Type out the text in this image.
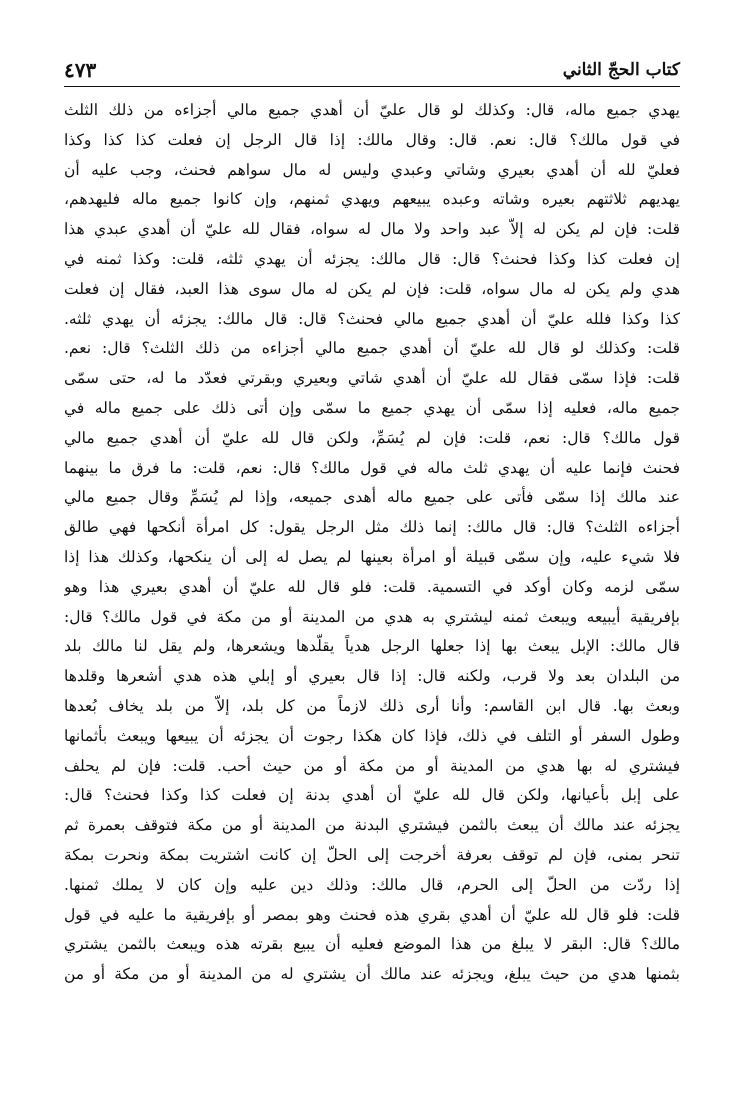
كتاب الحجّ الثاني
٤٧٣
يهدي جميع ماله، قال: وكذلك لو قال عليّ أن أهدي جميع مالي أجزاءه من ذلك الثلث
في قول مالك؟ قال: نعم. قال: وقال مالك: إذا قال الرجل إن فعلت كذا كذا وكذا
فعليّ لله أن أهدي بعيري وشاتي وعبدي وليس له مال سواهم فحنث، وجب عليه أن
يهديهم ثلاثتهم بعيره وشاته وعبده يبيعهم ويهدي ثمنهم، وإن كانوا جميع ماله فليهدهم،
قلت: فإن لم يكن له إلاّ عبد واحد ولا مال له سواه، فقال لله عليّ أن أهدي عبدي هذا
إن فعلت كذا وكذا فحنث؟ قال: قال مالك: يجزئه أن يهدي ثلثه، قلت: وكذا ثمنه في
هدي ولم يكن له مال سواه، قلت: فإن لم يكن له مال سوى هذا العبد، فقال إن فعلت
كذا وكذا فلله عليّ أن أهدي جميع مالي فحنث؟ قال: قال مالك: يجزئه أن يهدي ثلثه.
قلت: وكذلك لو قال لله عليّ أن أهدي جميع مالي أجزاءه من ذلك الثلث؟ قال: نعم.
قلت: فإذا سمّى فقال لله عليّ أن أهدي شاتي وبعيري وبقرتي فعدّد ما له، حتى سمّى
جميع ماله، فعليه إذا سمّى أن يهدي جميع ما سمّى وإن أتى ذلك على جميع ماله في
قول مالك؟ قال: نعم، قلت: فإن لم يُسَمِّ، ولكن قال لله عليّ أن أهدي جميع مالي
فحنث فإنما عليه أن يهدي ثلث ماله في قول مالك؟ قال: نعم، قلت: ما فرق ما بينهما
عند مالك إذا سمّى فأتى على جميع ماله أهدى جميعه، وإذا لم يُسَمِّ وقال جميع مالي
أجزاءه الثلث؟ قال: قال مالك: إنما ذلك مثل الرجل يقول: كل امرأة أنكحها فهي طالق
فلا شيء عليه، وإن سمّى قبيلة أو امرأة بعينها لم يصل له إلى أن ينكحها، وكذلك هذا إذا
سمّى لزمه وكان أوكد في التسمية. قلت: فلو قال لله عليّ أن أهدي بعيري هذا وهو
بإفريقية أيبيعه ويبعث ثمنه ليشتري به هدي من المدينة أو من مكة في قول مالك؟ قال:
قال مالك: الإبل يبعث بها إذا جعلها الرجل هدياً يقلّدها ويشعرها، ولم يقل لنا مالك بلد
من البلدان بعد ولا قرب، ولكنه قال: إذا قال بعيري أو إبلي هذه هدي أشعرها وقلدها
وبعث بها. قال ابن القاسم: وأنا أرى ذلك لازماً من كل بلد، إلاّ من بلد يخاف بُعدها
وطول السفر أو التلف في ذلك، فإذا كان هكذا رجوت أن يجزئه أن يبيعها ويبعث بأثمانها
فيشتري له بها هدي من المدينة أو من مكة أو من حيث أحب. قلت: فإن لم يحلف
على إبل بأعيانها، ولكن قال لله عليّ أن أهدي بدنة إن فعلت كذا وكذا فحنث؟ قال:
يجزئه عند مالك أن يبعث بالثمن فيشتري البدنة من المدينة أو من مكة فتوقف بعمرة ثم
تنحر بمنى، فإن لم توقف بعرفة أخرجت إلى الحلّ إن كانت اشتريت بمكة ونحرت بمكة
إذا ردّت من الحلّ إلى الحرم، قال مالك: وذلك دين عليه وإن كان لا يملك ثمنها.
قلت: فلو قال لله عليّ أن أهدي بقري هذه فحنث وهو بمصر أو بإفريقية ما عليه في قول
مالك؟ قال: البقر لا يبلغ من هذا الموضع فعليه أن يبيع بقرته هذه ويبعث بالثمن يشتري
بثمنها هدي من حيث يبلغ، ويجزئه عند مالك أن يشتري له من المدينة أو من مكة أو من
